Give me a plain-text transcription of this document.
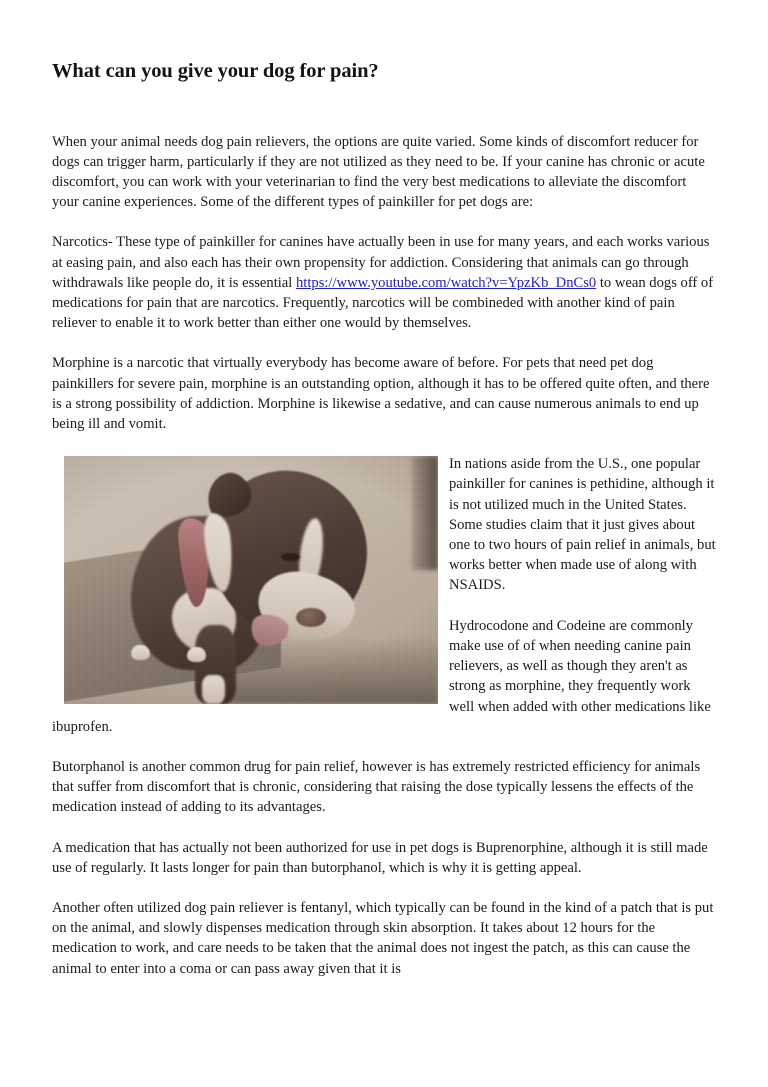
What can you give your dog for pain?

When your animal needs dog pain relievers, the options are quite varied. Some kinds of discomfort reducer for dogs can trigger harm, particularly if they are not utilized as they need to be. If your canine has chronic or acute discomfort, you can work with your veterinarian to find the very best medications to alleviate the discomfort your canine experiences. Some of the different types of painkiller for pet dogs are:

Narcotics- These type of painkiller for canines have actually been in use for many years, and each works various at easing pain, and also each has their own propensity for addiction. Considering that animals can go through withdrawals like people do, it is essential https://www.youtube.com/watch?v=YpzKb_DnCs0 to wean dogs off of medications for pain that are narcotics. Frequently, narcotics will be combineded with another kind of pain reliever to enable it to work better than either one would by themselves.

Morphine is a narcotic that virtually everybody has become aware of before. For pets that need pet dog painkillers for severe pain, morphine is an outstanding option, although it has to be offered quite often, and there is a strong possibility of addiction. Morphine is likewise a sedative, and can cause numerous animals to end up being ill and vomit.

In nations aside from the U.S., one popular painkiller for canines is pethidine, although it is not utilized much in the United States. Some studies claim that it just gives about one to two hours of pain relief in animals, but works better when made use of along with NSAIDS.

Hydrocodone and Codeine are commonly make use of of when needing canine pain relievers, as well as though they aren't as strong as morphine, they frequently work well when added with other medications like ibuprofen.

Butorphanol is another common drug for pain relief, however is has extremely restricted efficiency for animals that suffer from discomfort that is chronic, considering that raising the dose typically lessens the effects of the medication instead of adding to its advantages.

A medication that has actually not been authorized for use in pet dogs is Buprenorphine, although it is still made use of regularly. It lasts longer for pain than butorphanol, which is why it is getting appeal.

Another often utilized dog pain reliever is fentanyl, which typically can be found in the kind of a patch that is put on the animal, and slowly dispenses medication through skin absorption. It takes about 12 hours for the medication to work, and care needs to be taken that the animal does not ingest the patch, as this can cause the animal to enter into a coma or can pass away given that it is
